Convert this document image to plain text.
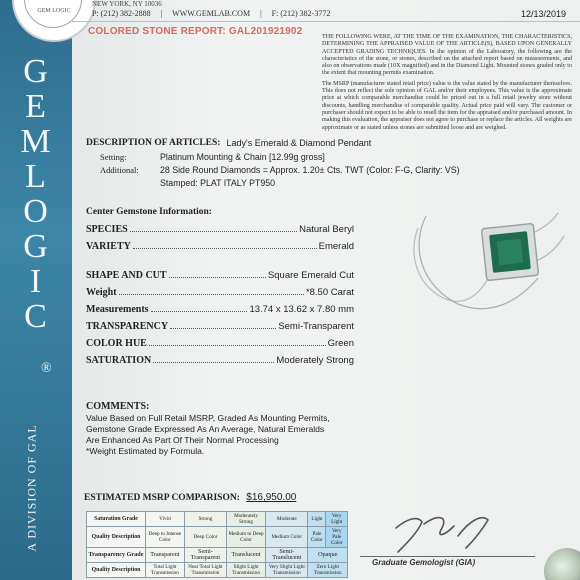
G
E
M
L
O
G
I
C
®
A DIVISION OF GAL
GEM LOGIC
NEW YORK, NY 10036
P: (212) 382-2888 | WWW.GEMLAB.COM | F: (212) 382-3772	12/13/2019
COLORED STONE REPORT: GAL201921902	THE FOLLOWING WERE, AT THE TIME OF THE EXAMINATION, THE CHARACTERISTICS, DETERMINING THE APPRAISED VALUE OF THE ARTICLE(S), BASED UPON GENERALLY ACCEPTED GRADING TECHNIQUES. In the opinion of the Laboratory, the following are the characteristics of the stone, or stones, described on the attached report based on measurements, and also on observations made (10X magnified) and in the Diamond Light. Mounted stones graded only to the extent that mounting permits examination.

The MSRP (manufacturer stated retail price) value is the value stated by the manufacturer themselves. This does not reflect the sole opinion of GAL and/or their employees. This value is the approximate price at which comparable merchandise could be priced out in a full retail jewelry store without discounts, handling merchandise of comparable quality. Actual price paid will vary. The customer or purchaser should not expect to be able to resell the item for the appraised and/or purchased amount. In making this evaluation, the appraiser does not agree to purchase or replace the articles. All weights are approximate or as stated unless stones are submitted loose and are weighed.

DESCRIPTION OF ARTICLES: Lady's Emerald & Diamond Pendant
Setting:	Platinum Mounting & Chain [12.99g gross]
Additional:	28 Side Round Diamonds = Approx. 1.20± Cts. TWT (Color: F-G, Clarity: VS)
Stamped: PLAT ITALY PT950
Center Gemstone Information:
SPECIES	Natural Beryl
VARIETY	Emerald
SHAPE AND CUT	Square Emerald Cut
Weight	*8.50 Carat
Measurements	13.74 x 13.62 x 7.80 mm
TRANSPARENCY	Semi-Transparent
COLOR HUE	Green
SATURATION	Moderately Strong
COMMENTS:
Value Based on Full Retail MSRP, Graded As Mounting Permits,
Gemstone Grade Expressed As An Average, Natural Emeralds
Are Enhanced As Part Of Their Normal Processing
*Weight Estimated by Formula.
ESTIMATED MSRP COMPARISON: $16,950.00
Saturation Grade	Vivid	Strong	Moderately Strong	Moderate	Light	Very Light
Quality Description	Deep to Intense Color	Deep Color	Medium to Deep Color	Medium Color	Pale Color	Very Pale Color
Transparency Grade	Transparent	Semi-Transparent	Translucent	Semi-Translucent	Opaque	
Quality Description	Total Light Transmission	Near Total Light Transmission	Slight Light Transmission	Very Slight Light Transmission	Zero Light Transmission	
Graduate Gemologist (GIA)
